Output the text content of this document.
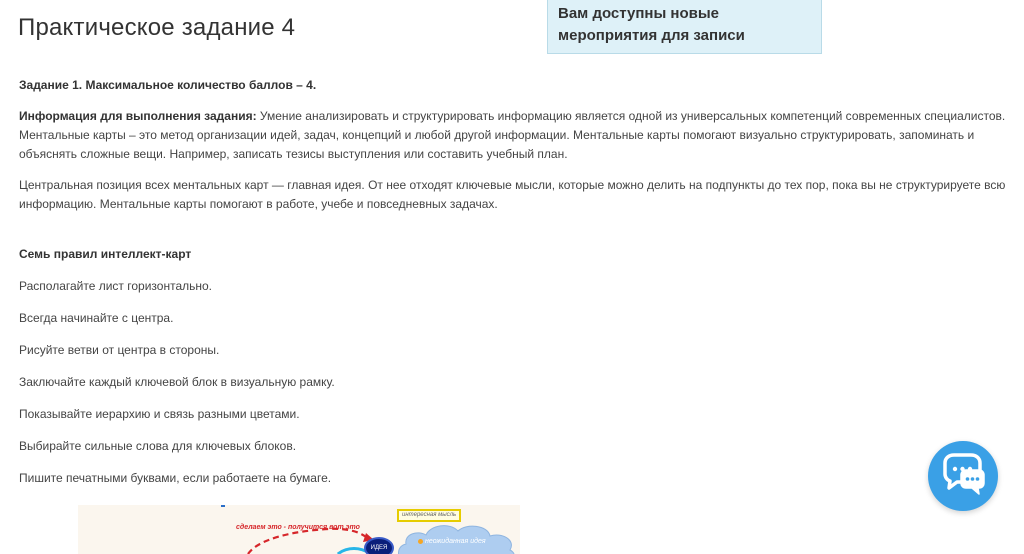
Практическое задание 4
Вам доступны новые мероприятия для записи

Задание 1. Максимальное количество баллов – 4.

Информация для выполнения задания: Умение анализировать и структурировать информацию является одной из универсальных компетенций современных специалистов. Ментальные карты – это метод организации идей, задач, концепций и любой другой информации. Ментальные карты помогают визуально структурировать, запоминать и объяснять сложные вещи. Например, записать тезисы выступления или составить учебный план.

Центральная позиция всех ментальных карт — главная идея. От нее отходят ключевые мысли, которые можно делить на подпункты до тех пор, пока вы не структурируете всю информацию. Ментальные карты помогают в работе, учебе и повседневных задачах.

Семь правил интеллект-карт

Располагайте лист горизонтально.

Всегда начинайте с центра.

Рисуйте ветви от центра в стороны.

Заключайте каждый ключевой блок в визуальную рамку.

Показывайте иерархию и связь разными цветами.

Выбирайте сильные слова для ключевых блоков.

Пишите печатными буквами, если работаете на бумаге.

сделаем это - получится вот это
ИДЕЯ
интересная мысль
неожиданная идея
